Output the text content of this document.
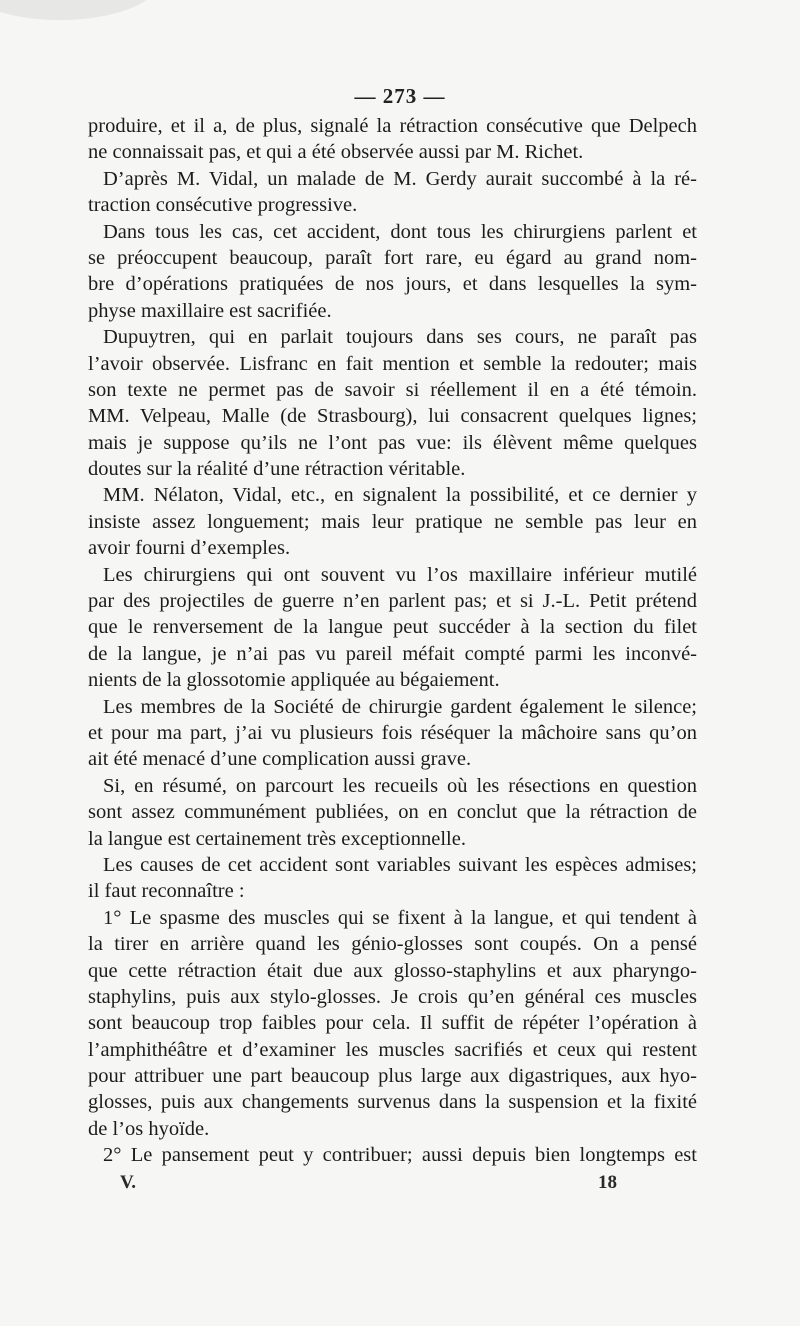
— 273 —
produire, et il a, de plus, signalé la rétraction consécutive que Delpech
ne connaissait pas, et qui a été observée aussi par M. Richet.
D’après M. Vidal, un malade de M. Gerdy aurait succombé à la ré-
traction consécutive progressive.
Dans tous les cas, cet accident, dont tous les chirurgiens parlent et
se préoccupent beaucoup, paraît fort rare, eu égard au grand nom-
bre d’opérations pratiquées de nos jours, et dans lesquelles la sym-
physe maxillaire est sacrifiée.
Dupuytren, qui en parlait toujours dans ses cours, ne paraît pas
l’avoir observée. Lisfranc en fait mention et semble la redouter; mais
son texte ne permet pas de savoir si réellement il en a été témoin.
MM. Velpeau, Malle (de Strasbourg), lui consacrent quelques lignes;
mais je suppose qu’ils ne l’ont pas vue: ils élèvent même quelques
doutes sur la réalité d’une rétraction véritable.
MM. Nélaton, Vidal, etc., en signalent la possibilité, et ce dernier y
insiste assez longuement; mais leur pratique ne semble pas leur en
avoir fourni d’exemples.
Les chirurgiens qui ont souvent vu l’os maxillaire inférieur mutilé
par des projectiles de guerre n’en parlent pas; et si J.-L. Petit prétend
que le renversement de la langue peut succéder à la section du filet
de la langue, je n’ai pas vu pareil méfait compté parmi les inconvé-
nients de la glossotomie appliquée au bégaiement.
Les membres de la Société de chirurgie gardent également le silence;
et pour ma part, j’ai vu plusieurs fois réséquer la mâchoire sans qu’on
ait été menacé d’une complication aussi grave.
Si, en résumé, on parcourt les recueils où les résections en question
sont assez communément publiées, on en conclut que la rétraction de
la langue est certainement très exceptionnelle.
Les causes de cet accident sont variables suivant les espèces admises;
il faut reconnaître :
1° Le spasme des muscles qui se fixent à la langue, et qui tendent à
la tirer en arrière quand les génio-glosses sont coupés. On a pensé
que cette rétraction était due aux glosso-staphylins et aux pharyngo-
staphylins, puis aux stylo-glosses. Je crois qu’en général ces muscles
sont beaucoup trop faibles pour cela. Il suffit de répéter l’opération à
l’amphithéâtre et d’examiner les muscles sacrifiés et ceux qui restent
pour attribuer une part beaucoup plus large aux digastriques, aux hyo-
glosses, puis aux changements survenus dans la suspension et la fixité
de l’os hyoïde.
2° Le pansement peut y contribuer; aussi depuis bien longtemps est
V.	18
